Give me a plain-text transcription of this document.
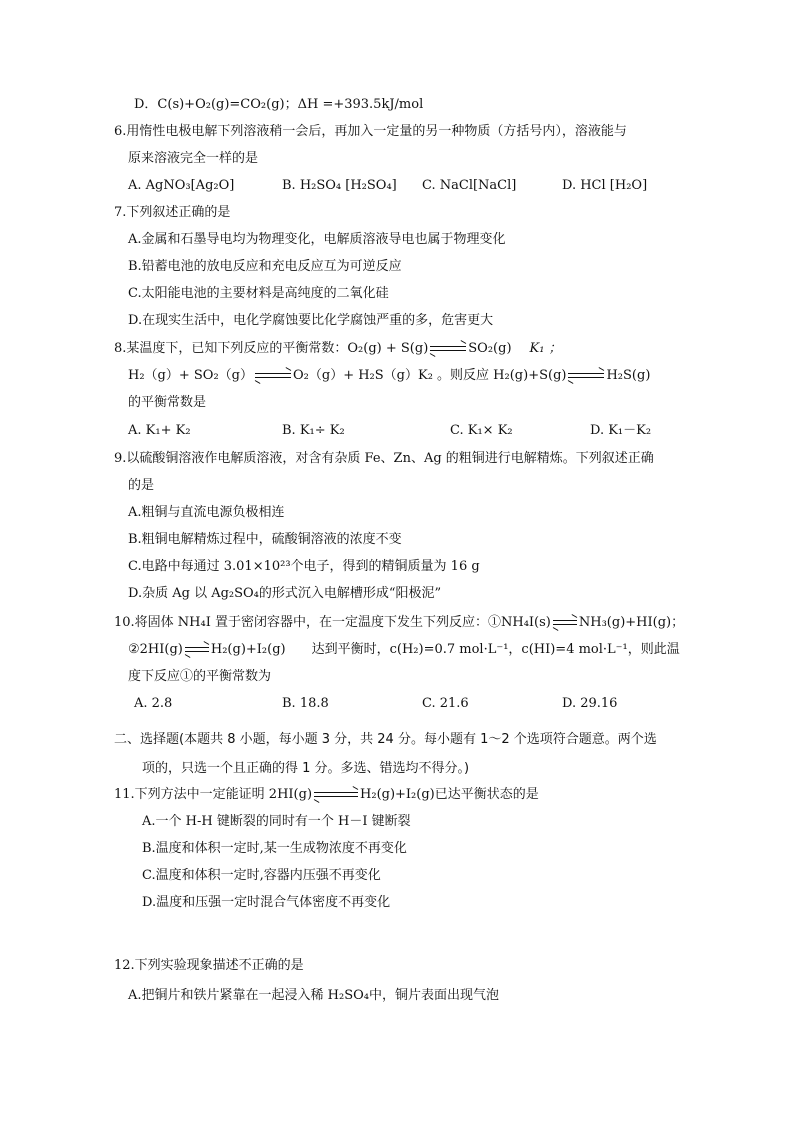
D．C(s)+O₂(g)=CO₂(g)；ΔH =+393.5kJ/mol
6.用惰性电极电解下列溶液稍一会后，再加入一定量的另一种物质（方括号内），溶液能与
原来溶液完全一样的是
A. AgNO₃[Ag₂O]	B. H₂SO₄ [H₂SO₄] C. NaCl[NaCl]	D. HCl [H₂O]
7.下列叙述正确的是
A.金属和石墨导电均为物理变化，电解质溶液导电也属于物理变化
B.铅蓄电池的放电反应和充电反应互为可逆反应
C.太阳能电池的主要材料是高纯度的二氧化硅
D.在现实生活中，电化学腐蚀要比化学腐蚀严重的多，危害更大
8.某温度下，已知下列反应的平衡常数：O₂(g) + S(g)	SO₂(g) K₁ ；
H₂（g）+ SO₂（g）	O₂（g）+ H₂S（g）K₂ 。则反应 H₂(g)+S(g)	H₂S(g)
的平衡常数是
A. K₁+ K₂	B. K₁÷ K₂	C. K₁× K₂	D. K₁－K₂
9.以硫酸铜溶液作电解质溶液，对含有杂质 Fe、Zn、Ag 的粗铜进行电解精炼。下列叙述正确
的是
A.粗铜与直流电源负极相连
B.粗铜电解精炼过程中，硫酸铜溶液的浓度不变
C.电路中每通过 3.01×10²³个电子，得到的精铜质量为 16 g
D.杂质 Ag 以 Ag₂SO₄的形式沉入电解槽形成“阳极泥”
10.将固体 NH₄I 置于密闭容器中，在一定温度下发生下列反应：①NH₄I(s) NH₃(g)+HI(g)；
②2HI(g) H₂(g)+I₂(g)　　达到平衡时，c(H₂)=0.7 mol·L⁻¹，c(HI)=4 mol·L⁻¹，则此温
度下反应①的平衡常数为
A. 2.8	B. 18.8	C. 21.6	D. 29.16
二、选择题(本题共 8 小题，每小题 3 分，共 24 分。每小题有 1～2 个选项符合题意。两个选
项的，只选一个且正确的得 1 分。多选、错选均不得分。)
11.下列方法中一定能证明 2HI(g)	H₂(g)+I₂(g)已达平衡状态的是
A.一个 H-H 键断裂的同时有一个 H－I 键断裂
B.温度和体积一定时,某一生成物浓度不再变化
C.温度和体积一定时,容器内压强不再变化
D.温度和压强一定时混合气体密度不再变化
12.下列实验现象描述不正确的是
A.把铜片和铁片紧靠在一起浸入稀 H₂SO₄中，铜片表面出现气泡
